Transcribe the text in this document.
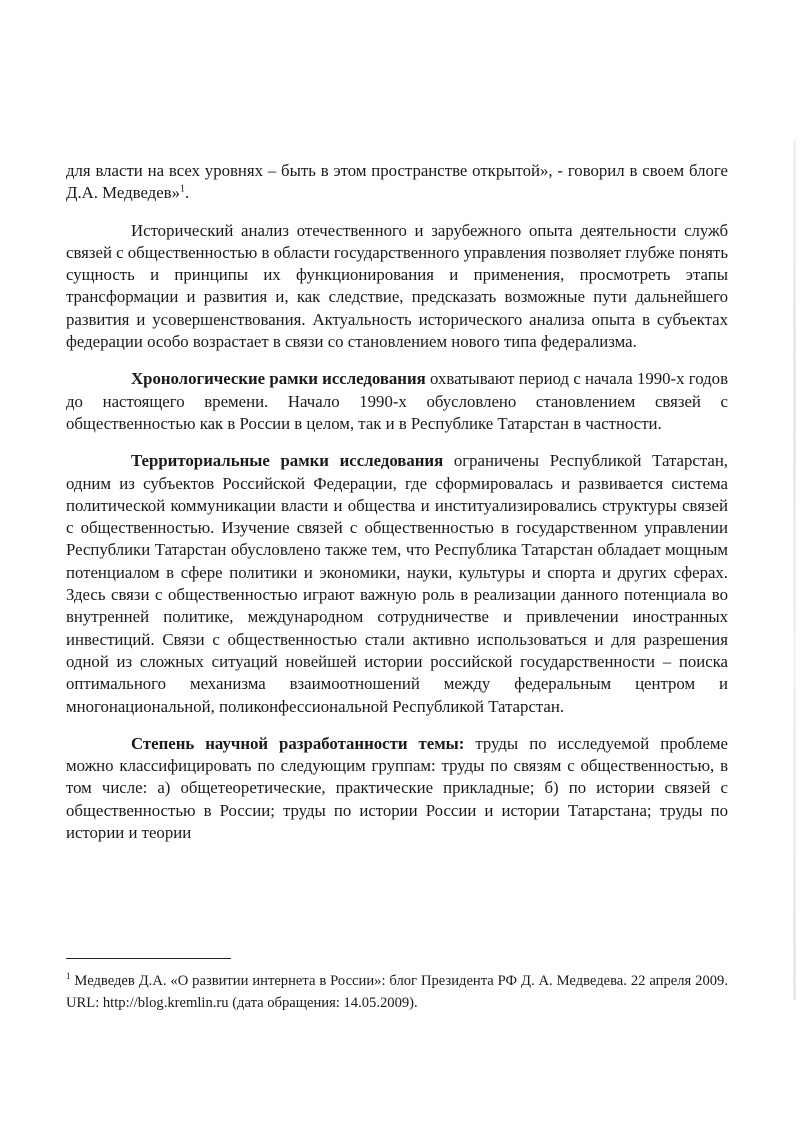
для власти на всех уровнях – быть в этом пространстве открытой», - говорил в своем блоге Д.А. Медведев»$^1$.

Исторический анализ отечественного и зарубежного опыта деятельности служб связей с общественностью в области государственного управления позволяет глубже понять сущность и принципы их функционирования и применения, просмотреть этапы трансформации и развития и, как следствие, предсказать возможные пути дальнейшего развития и усовершенствования. Актуальность исторического анализа опыта в субъектах федерации особо возрастает в связи со становлением нового типа федерализма.

Хронологические рамки исследования охватывают период с начала 1990-х годов до настоящего времени. Начало 1990-х обусловлено становлением связей с общественностью как в России в целом, так и в Республике Татарстан в частности.

Территориальные рамки исследования ограничены Республикой Татарстан, одним из субъектов Российской Федерации, где сформировалась и развивается система политической коммуникации власти и общества и институализировались структуры связей с общественностью. Изучение связей с общественностью в государственном управлении Республики Татарстан обусловлено также тем, что Республика Татарстан обладает мощным потенциалом в сфере политики и экономики, науки, культуры и спорта и других сферах. Здесь связи с общественностью играют важную роль в реализации данного потенциала во внутренней политике, международном сотрудничестве и привлечении иностранных инвестиций. Связи с общественностью стали активно использоваться и для разрешения одной из сложных ситуаций новейшей истории российской государственности – поиска оптимального механизма взаимоотношений между федеральным центром и многонациональной, поликонфессиональной Республикой Татарстан.

Степень научной разработанности темы: труды по исследуемой проблеме можно классифицировать по следующим группам: труды по связям с общественностью, в том числе: а) общетеоретические, практические прикладные; б) по истории связей с общественностью в России; труды по истории России и истории Татарстана; труды по истории и теории

$^1$ Медведев Д.А. «О развитии интернета в России»: блог Президента РФ Д. А. Медведева. 22 апреля 2009. URL: http://blog.kremlin.ru (дата обращения: 14.05.2009).
